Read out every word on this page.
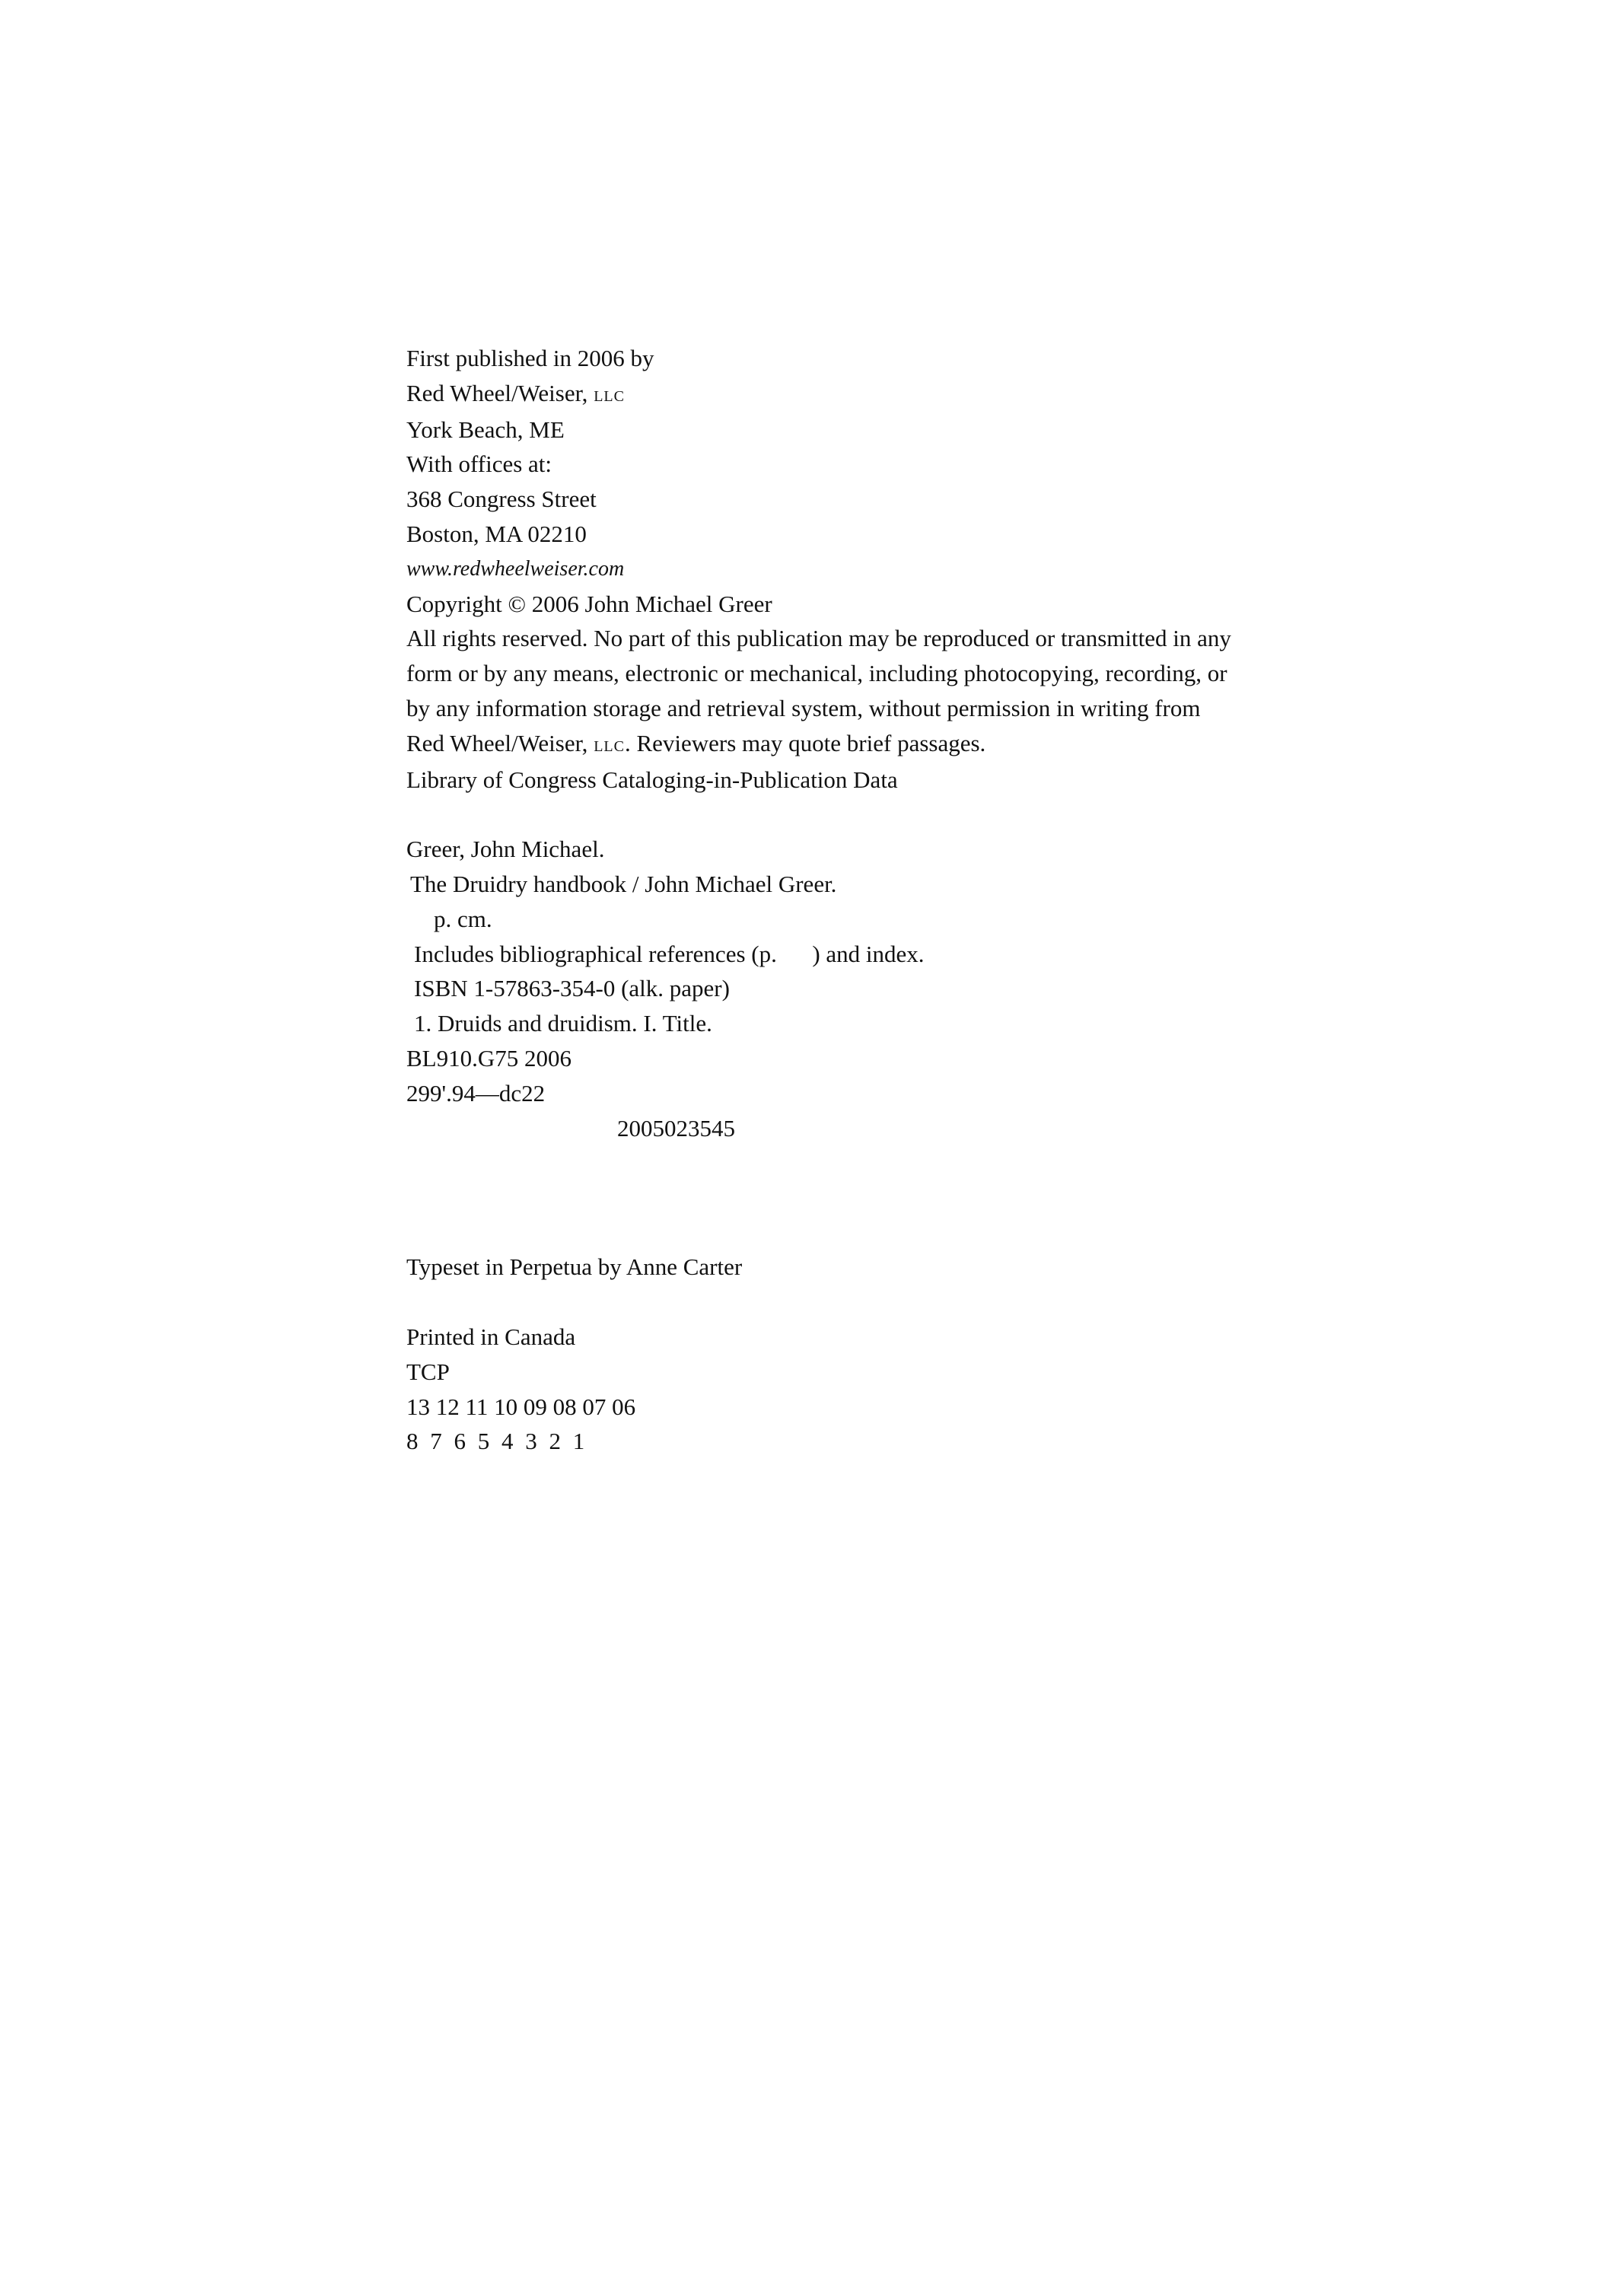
First published in 2006 by
Red Wheel/Weiser, llc
York Beach, ME
With offices at:
368 Congress Street
Boston, MA 02210
www.redwheelweiser.com
Copyright © 2006 John Michael Greer
All rights reserved. No part of this publication may be reproduced or transmitted in any
form or by any means, electronic or mechanical, including photocopying, recording, or
by any information storage and retrieval system, without permission in writing from
Red Wheel/Weiser, llc. Reviewers may quote brief passages.
Library of Congress Cataloging-in-Publication Data
Greer, John Michael.
The Druidry handbook / John Michael Greer.
p. cm.
Includes bibliographical references (p.      ) and index.
ISBN 1-57863-354-0 (alk. paper)
1. Druids and druidism. I. Title.
BL910.G75 2006
299'.94—dc22
2005023545
Typeset in Perpetua by Anne Carter
Printed in Canada
TCP
13 12 11 10 09 08 07 06
8 7 6 5 4 3 2 1
